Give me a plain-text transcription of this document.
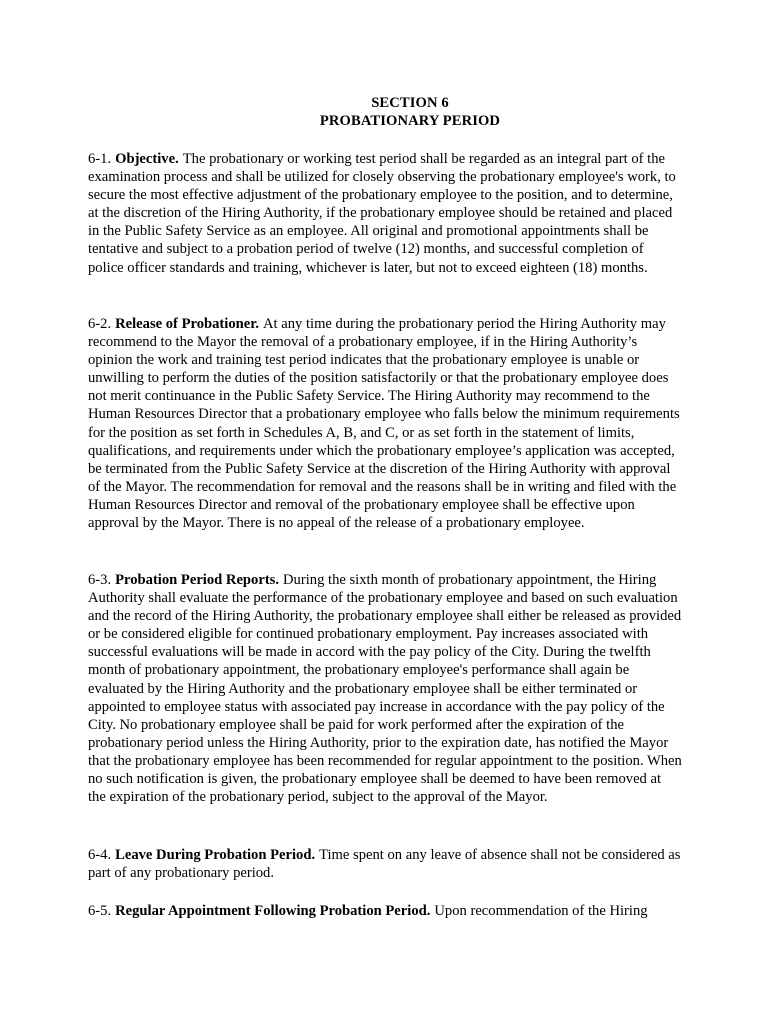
SECTION 6
PROBATIONARY PERIOD

6-1. Objective. The probationary or working test period shall be regarded as an integral part of the examination process and shall be utilized for closely observing the probationary employee's work, to secure the most effective adjustment of the probationary employee to the position, and to determine, at the discretion of the Hiring Authority, if the probationary employee should be retained and placed in the Public Safety Service as an employee. All original and promotional appointments shall be tentative and subject to a probation period of twelve (12) months, and successful completion of police officer standards and training, whichever is later, but not to exceed eighteen (18) months.

6-2. Release of Probationer. At any time during the probationary period the Hiring Authority may recommend to the Mayor the removal of a probationary employee, if in the Hiring Authority’s opinion the work and training test period indicates that the probationary employee is unable or unwilling to perform the duties of the position satisfactorily or that the probationary employee does not merit continuance in the Public Safety Service. The Hiring Authority may recommend to the Human Resources Director that a probationary employee who falls below the minimum requirements for the position as set forth in Schedules A, B, and C, or as set forth in the statement of limits, qualifications, and requirements under which the probationary employee’s application was accepted, be terminated from the Public Safety Service at the discretion of the Hiring Authority with approval of the Mayor. The recommendation for removal and the reasons shall be in writing and filed with the Human Resources Director and removal of the probationary employee shall be effective upon approval by the Mayor. There is no appeal of the release of a probationary employee.

6-3. Probation Period Reports. During the sixth month of probationary appointment, the Hiring Authority shall evaluate the performance of the probationary employee and based on such evaluation and the record of the Hiring Authority, the probationary employee shall either be released as provided or be considered eligible for continued probationary employment. Pay increases associated with successful evaluations will be made in accord with the pay policy of the City. During the twelfth month of probationary appointment, the probationary employee's performance shall again be evaluated by the Hiring Authority and the probationary employee shall be either terminated or appointed to employee status with associated pay increase in accordance with the pay policy of the City. No probationary employee shall be paid for work performed after the expiration of the probationary period unless the Hiring Authority, prior to the expiration date, has notified the Mayor that the probationary employee has been recommended for regular appointment to the position. When no such notification is given, the probationary employee shall be deemed to have been removed at the expiration of the probationary period, subject to the approval of the Mayor.

6-4. Leave During Probation Period. Time spent on any leave of absence shall not be considered as part of any probationary period.

6-5. Regular Appointment Following Probation Period. Upon recommendation of the Hiring
